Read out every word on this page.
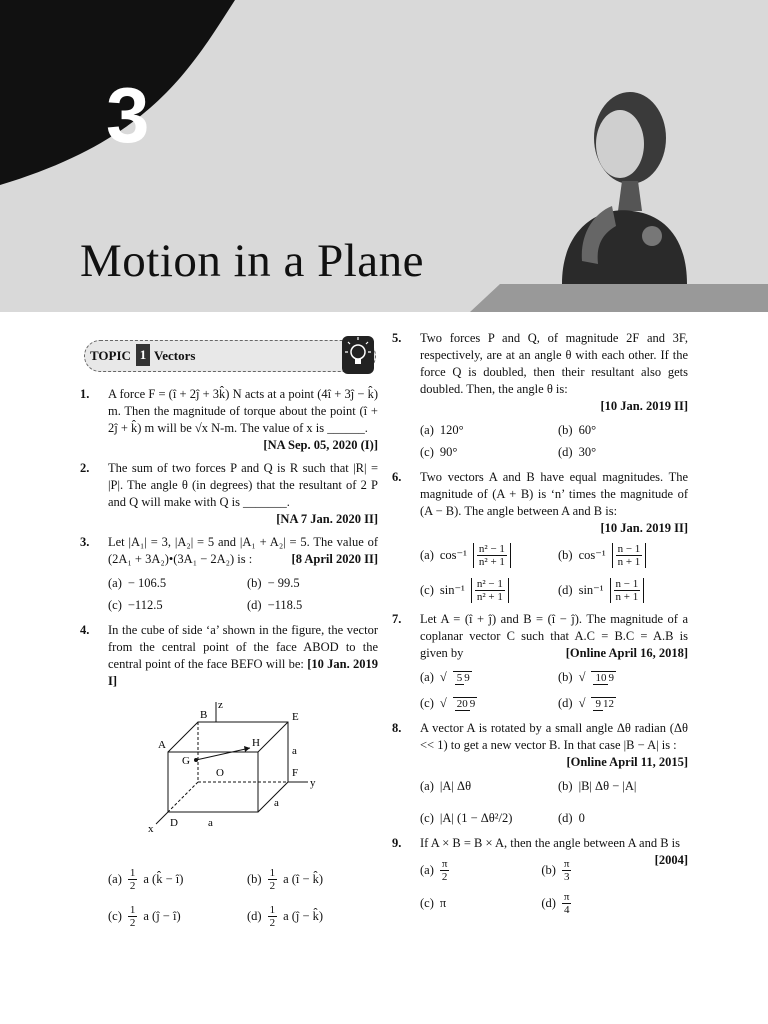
3
Motion in a Plane
TOPIC 1 Vectors
1. A force F = (î + 2ĵ + 3k̂) N acts at a point (4î + 3ĵ − k̂) m. Then the magnitude of torque about the point (î + 2ĵ + k̂) m will be √x N-m. The value of x is ______.
[NA Sep. 05, 2020 (I)]
2. The sum of two forces P and Q is R such that |R| = |P|. The angle θ (in degrees) that the resultant of 2 P and Q will make with Q is _______.
[NA 7 Jan. 2020 II]
3. Let |A₁| = 3, |A₂| = 5 and |A₁ + A₂| = 5. The value of (2A₁ + 3A₂)•(3A₁ − 2A₂) is :	[8 April 2020 II]
(a) − 106.5	(b) − 99.5
(c) −112.5	(d) −118.5
4. In the cube of side ‘a’ shown in the figure, the vector from the central point of the face ABOD to the central point of the face BEFO will be: [10 Jan. 2019 I]
z
y
x
A
B	E
G
H
O	F
D
a
a
a
$(a) \frac{1}{2}$ a (k̂ − î)	$(b) \frac{1}{2}$ a (î − k̂)
$(c) \frac{1}{2}$ a (ĵ − î)	$(d) \frac{1}{2}$ a (ĵ − k̂)
5. Two forces P and Q, of magnitude 2F and 3F, respectively, are at an angle θ with each other. If the force Q is doubled, then their resultant also gets doubled. Then, the angle θ is:
[10 Jan. 2019 II]
(a) 120°	(b) 60°
(c) 90°	(d) 30°
6. Two vectors A and B have equal magnitudes. The magnitude of (A + B) is ‘n’ times the magnitude of (A − B). The angle between A and B is:
[10 Jan. 2019 II]
(a) $\cos^{-1} \frac{\text{n² − 1}}{\text{n² + 1}}$	(b) $\cos^{-1} \frac{n - 1}{n + 1}$
(c) $\sin^{-1} \frac{\text{n² − 1}}{\text{n² + 1}}$	(d) $\sin^{-1} \frac{n - 1}{n + 1}$
7. Let A = (î + ĵ) and B = (î − ĵ). The magnitude of a coplanar vector C such that A.C = B.C = A.B is given by	[Online April 16, 2018]
(a) √ 5 9	(b) √ 10 9
(c) √ 20 9	(d) √ 9 12
8. A vector A is rotated by a small angle Δθ radian (Δθ << 1) to get a new vector B. In that case |B − A| is :
[Online April 11, 2015]
(a) |A| Δθ	(b) |B| Δθ − |A|
(c) |A| (1 − Δθ²/2)	(d) 0
9. If A × B = B × A, then the angle between A and B is
[2004]
$(a) \frac{\pi}{2}$	$(b) \frac{\pi}{3}$
(c) π	$(d) \frac{\pi}{4}$
